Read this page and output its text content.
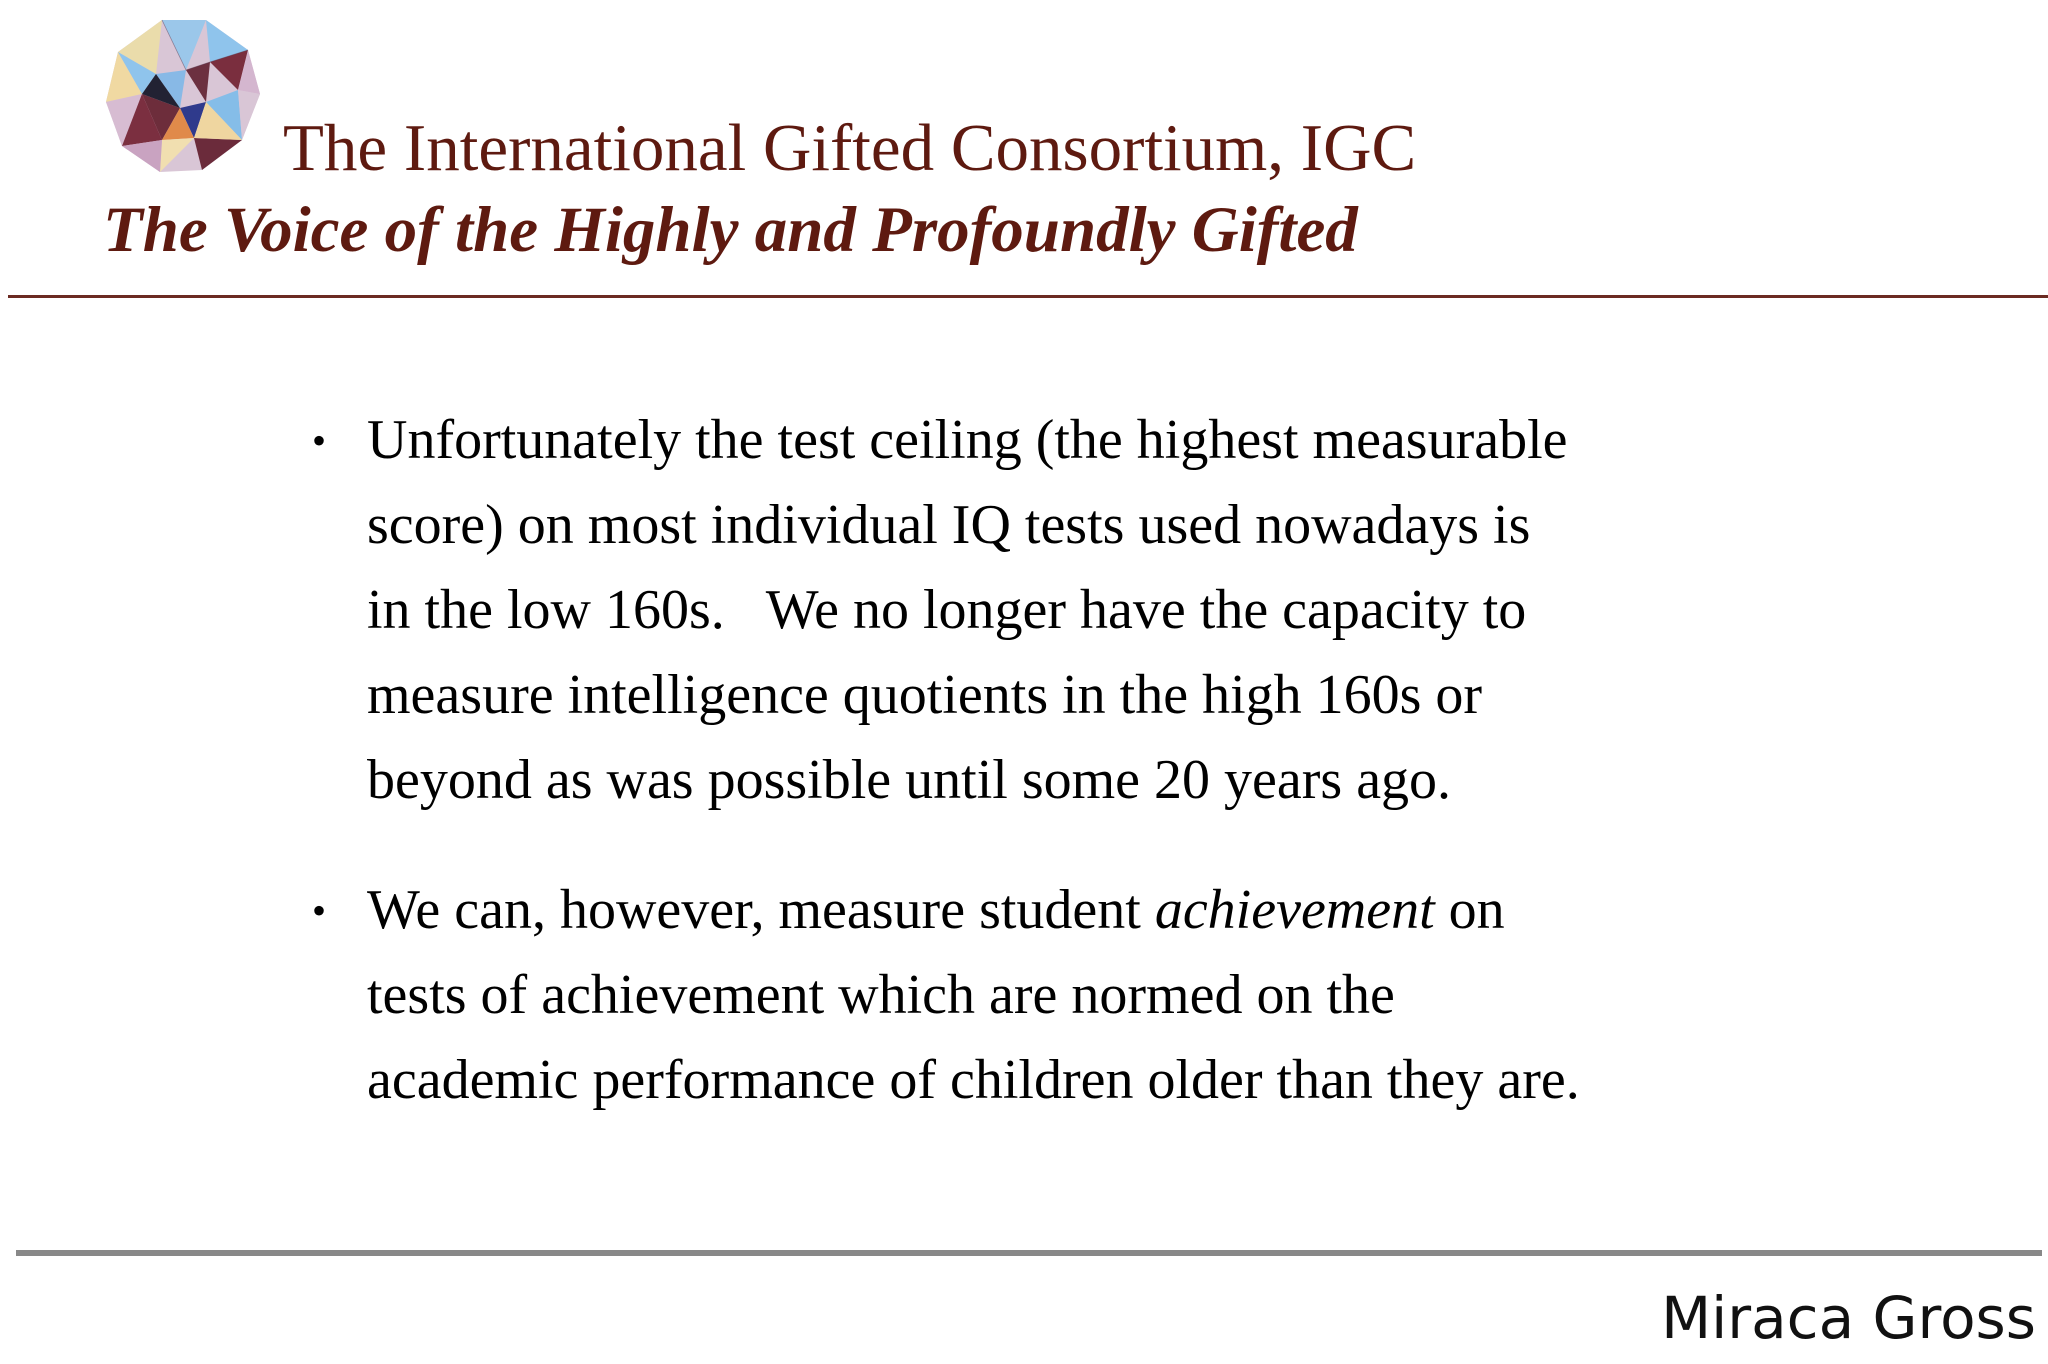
The International Gifted Consortium, IGC
The Voice of the Highly and Profoundly Gifted
• Unfortunately the test ceiling (the highest measurable
score) on most individual IQ tests used nowadays is
in the low 160s.   We no longer have the capacity to
measure intelligence quotients in the high 160s or
beyond as was possible until some 20 years ago.
• We can, however, measure student achievement on
tests of achievement which are normed on the
academic performance of children older than they are.

Miraca Gross
